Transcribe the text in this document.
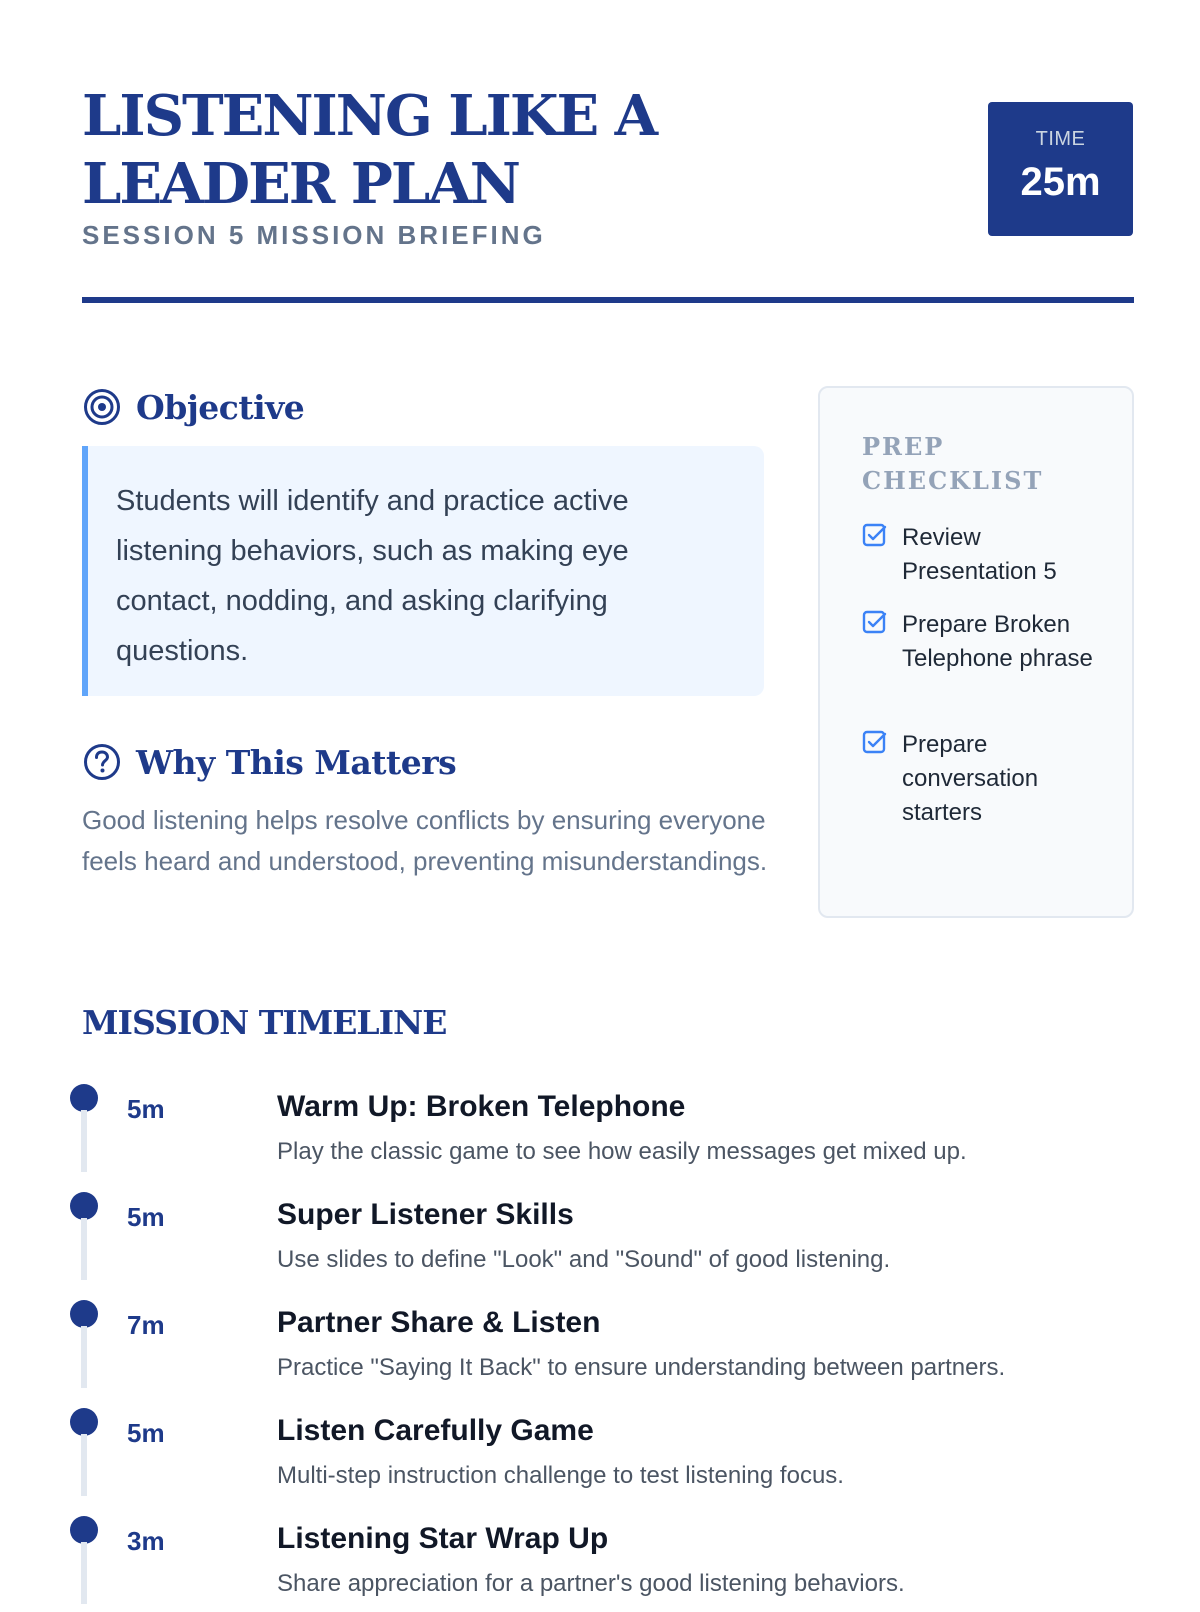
LISTENING LIKE A LEADER PLAN
SESSION 5 MISSION BRIEFING
TIME
25m
Objective
Students will identify and practice active listening behaviors, such as making eye contact, nodding, and asking clarifying questions.
Why This Matters
Good listening helps resolve conflicts by ensuring everyone feels heard and understood, preventing misunderstandings.
PREP CHECKLIST
Review Presentation 5
Prepare Broken Telephone phrase
Prepare conversation starters
MISSION TIMELINE
5m	Warm Up: Broken Telephone
Play the classic game to see how easily messages get mixed up.
5m	Super Listener Skills
Use slides to define "Look" and "Sound" of good listening.
7m	Partner Share & Listen
Practice "Saying It Back" to ensure understanding between partners.
5m	Listen Carefully Game
Multi-step instruction challenge to test listening focus.
3m	Listening Star Wrap Up
Share appreciation for a partner's good listening behaviors.
